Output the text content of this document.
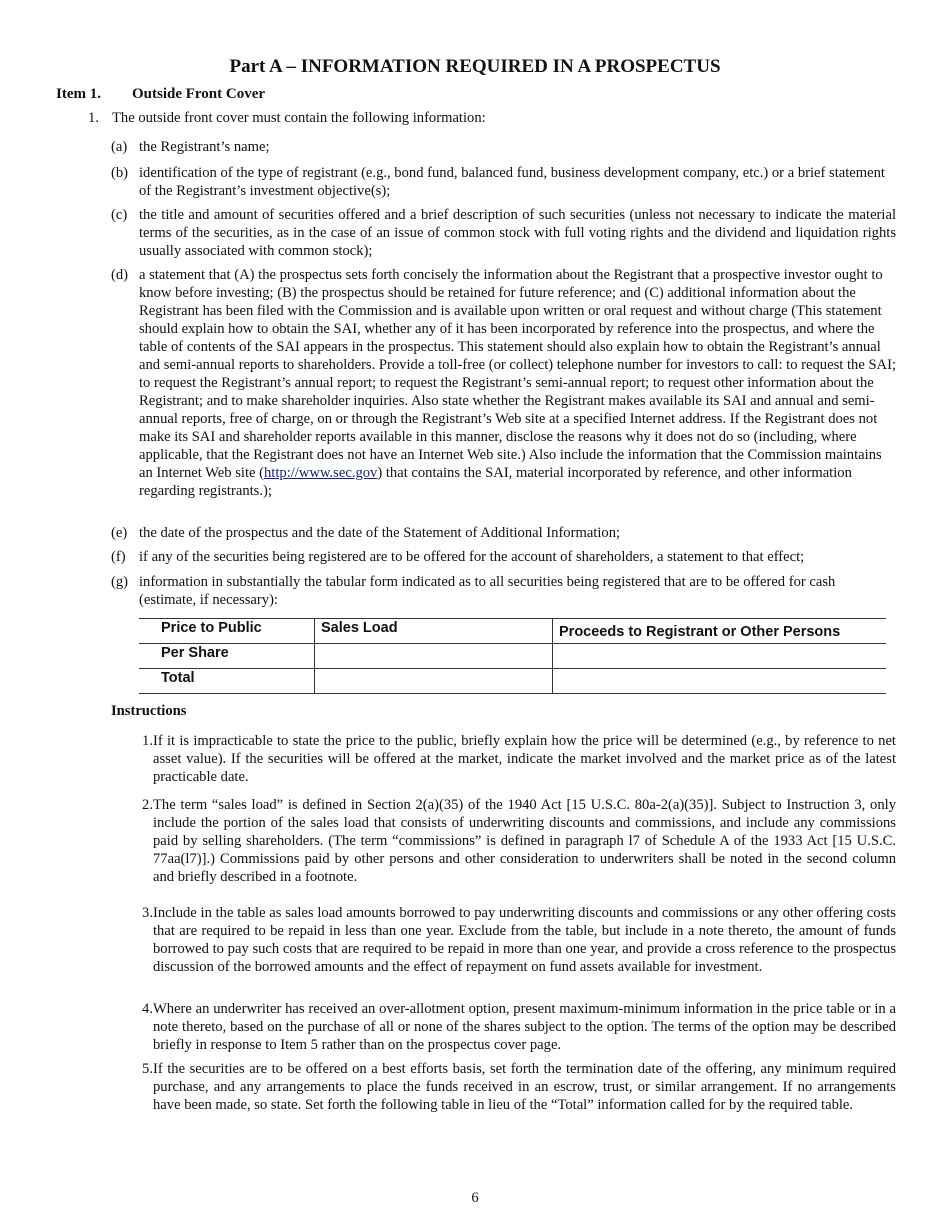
Part A – INFORMATION REQUIRED IN A PROSPECTUS
Item 1. Outside Front Cover
1. The outside front cover must contain the following information:
(a) the Registrant’s name;
(b) identification of the type of registrant (e.g., bond fund, balanced fund, business development company, etc.) or a brief statement of the Registrant’s investment objective(s);
(c) the title and amount of securities offered and a brief description of such securities (unless not necessary to indicate the material terms of the securities, as in the case of an issue of common stock with full voting rights and the dividend and liquidation rights usually associated with common stock);
(d) a statement that (A) the prospectus sets forth concisely the information about the Registrant that a prospective investor ought to know before investing; (B) the prospectus should be retained for future reference; and (C) additional information about the Registrant has been filed with the Commission and is available upon written or oral request and without charge (This statement should explain how to obtain the SAI, whether any of it has been incorporated by reference into the prospectus, and where the table of contents of the SAI appears in the prospectus. This statement should also explain how to obtain the Registrant’s annual and semi-annual reports to shareholders. Provide a toll-free (or collect) telephone number for investors to call: to request the SAI; to request the Registrant’s annual report; to request the Registrant’s semi-annual report; to request other information about the Registrant; and to make shareholder inquiries. Also state whether the Registrant makes available its SAI and annual and semi-annual reports, free of charge, on or through the Registrant’s Web site at a specified Internet address. If the Registrant does not make its SAI and shareholder reports available in this manner, disclose the reasons why it does not do so (including, where applicable, that the Registrant does not have an Internet Web site.) Also include the information that the Commission maintains an Internet Web site (http://www.sec.gov) that contains the SAI, material incorporated by reference, and other information regarding registrants.);
(e) the date of the prospectus and the date of the Statement of Additional Information;
(f) if any of the securities being registered are to be offered for the account of shareholders, a statement to that effect;
(g) information in substantially the tabular form indicated as to all securities being registered that are to be offered for cash (estimate, if necessary):
Price to Public	Sales Load	Proceeds to Registrant or Other Persons
Per Share		
Total		
Instructions
1. If it is impracticable to state the price to the public, briefly explain how the price will be determined (e.g., by reference to net asset value). If the securities will be offered at the market, indicate the market involved and the market price as of the latest practicable date.
2. The term “sales load” is defined in Section 2(a)(35) of the 1940 Act [15 U.S.C. 80a-2(a)(35)]. Subject to Instruction 3, only include the portion of the sales load that consists of underwriting discounts and commissions, and include any commissions paid by selling shareholders. (The term “commissions” is defined in paragraph l7 of Schedule A of the 1933 Act [15 U.S.C. 77aa(l7)].) Commissions paid by other persons and other consideration to underwriters shall be noted in the second column and briefly described in a footnote.
3. Include in the table as sales load amounts borrowed to pay underwriting discounts and commissions or any other offering costs that are required to be repaid in less than one year. Exclude from the table, but include in a note thereto, the amount of funds borrowed to pay such costs that are required to be repaid in more than one year, and provide a cross reference to the prospectus discussion of the borrowed amounts and the effect of repayment on fund assets available for investment.
4. Where an underwriter has received an over-allotment option, present maximum-minimum information in the price table or in a note thereto, based on the purchase of all or none of the shares subject to the option. The terms of the option may be described briefly in response to Item 5 rather than on the prospectus cover page.
5. If the securities are to be offered on a best efforts basis, set forth the termination date of the offering, any minimum required purchase, and any arrangements to place the funds received in an escrow, trust, or similar arrangement. If no arrangements have been made, so state. Set forth the following table in lieu of the “Total” information called for by the required table.
6
